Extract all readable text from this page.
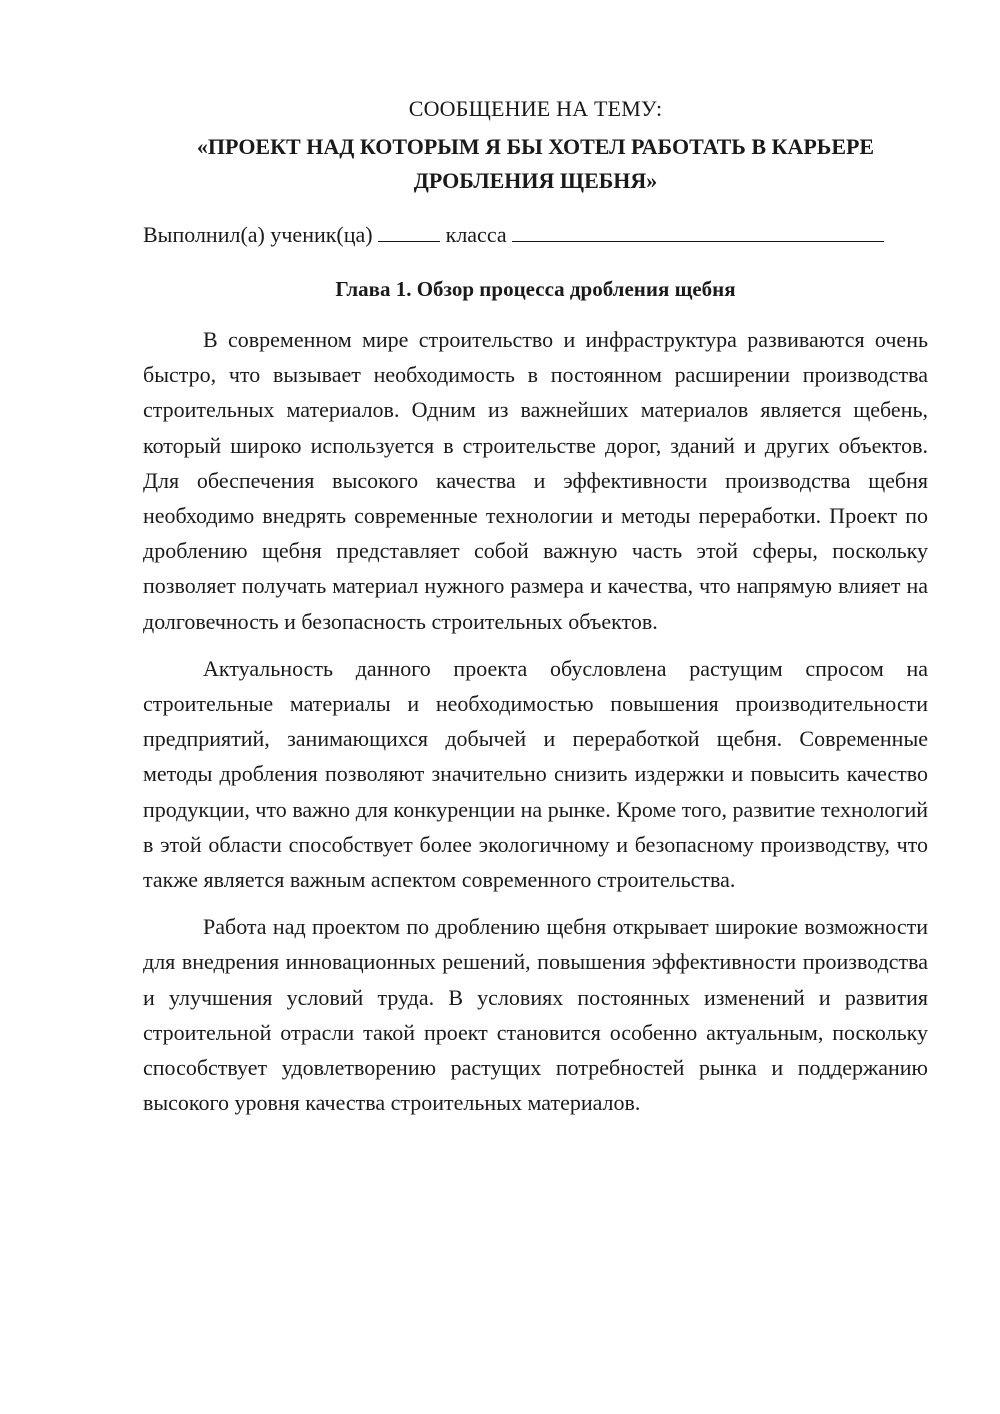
СООБЩЕНИЕ НА ТЕМУ:

«ПРОЕКТ НАД КОТОРЫМ Я БЫ ХОТЕЛ РАБОТАТЬ В КАРЬЕРЕ ДРОБЛЕНИЯ ЩЕБНЯ»

Выполнил(а) ученик(ца)	класса

Глава 1. Обзор процесса дробления щебня

В современном мире строительство и инфраструктура развиваются очень быстро, что вызывает необходимость в постоянном расширении производства строительных материалов. Одним из важнейших материалов является щебень, который широко используется в строительстве дорог, зданий и других объектов. Для обеспечения высокого качества и эффективности производства щебня необходимо внедрять современные технологии и методы переработки. Проект по дроблению щебня представляет собой важную часть этой сферы, поскольку позволяет получать материал нужного размера и качества, что напрямую влияет на долговечность и безопасность строительных объектов.

Актуальность данного проекта обусловлена растущим спросом на строительные материалы и необходимостью повышения производительности предприятий, занимающихся добычей и переработкой щебня. Современные методы дробления позволяют значительно снизить издержки и повысить качество продукции, что важно для конкуренции на рынке. Кроме того, развитие технологий в этой области способствует более экологичному и безопасному производству, что также является важным аспектом современного строительства.

Работа над проектом по дроблению щебня открывает широкие возможности для внедрения инновационных решений, повышения эффективности производства и улучшения условий труда. В условиях постоянных изменений и развития строительной отрасли такой проект становится особенно актуальным, поскольку способствует удовлетворению растущих потребностей рынка и поддержанию высокого уровня качества строительных материалов.
